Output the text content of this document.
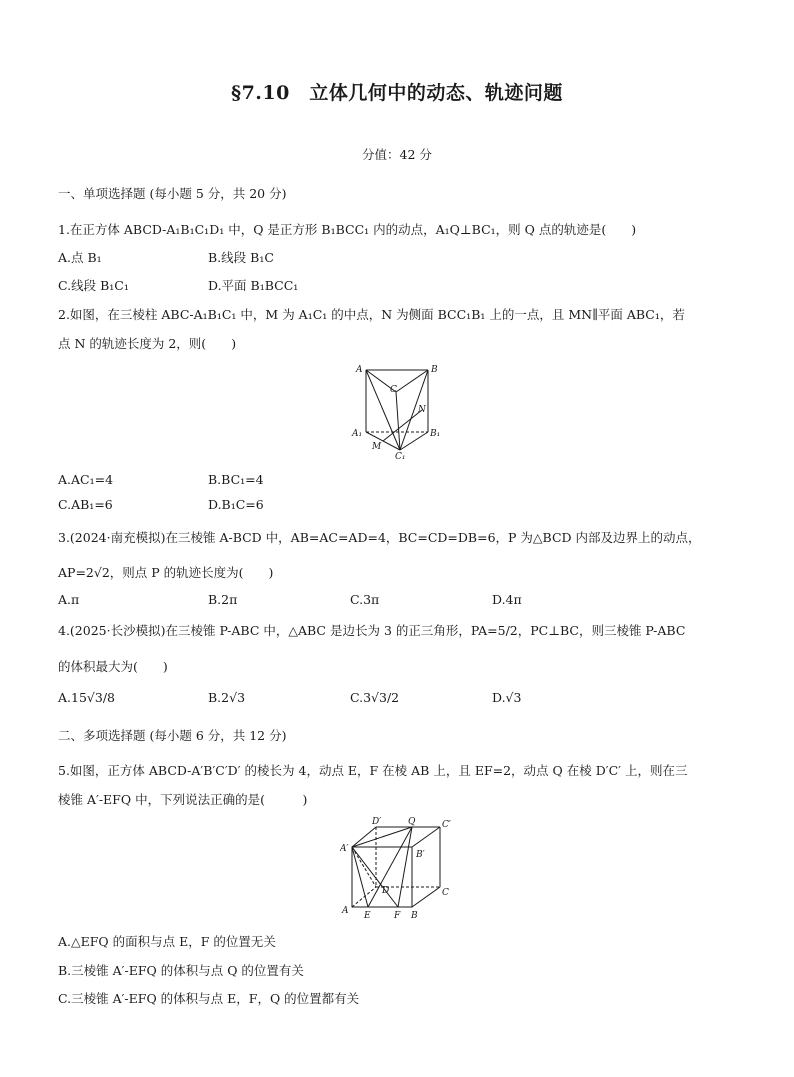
§7.10　立体几何中的动态、轨迹问题
分值：42 分
一、单项选择题 (每小题 5 分，共 20 分)
1.在正方体 ABCD-A₁B₁C₁D₁ 中，Q 是正方形 B₁BCC₁ 内的动点，A₁Q⊥BC₁，则 Q 点的轨迹是(　　)
A.点 B₁	B.线段 B₁C
C.线段 B₁C₁	D.平面 B₁BCC₁
2.如图，在三棱柱 ABC-A₁B₁C₁ 中，M 为 A₁C₁ 的中点，N 为侧面 BCC₁B₁ 上的一点，且 MN∥平面 ABC₁，若
点 N 的轨迹长度为 2，则(　　)
A	B
C
N
A₁	B₁
M
C₁
A.AC₁=4	B.BC₁=4
C.AB₁=6	D.B₁C=6
3.(2024·南充模拟)在三棱锥 A-BCD 中，AB=AC=AD=4，BC=CD=DB=6，P 为△BCD 内部及边界上的动点，
AP=2√2，则点 P 的轨迹长度为(　　)
A.π	B.2π	C.3π	D.4π
4.(2025·长沙模拟)在三棱锥 P-ABC 中，△ABC 是边长为 3 的正三角形，PA=5/2，PC⊥BC，则三棱锥 P-ABC
的体积最大为(　　)
A.15√3/8	B.2√3	C.3√3/2	D.√3
二、多项选择题 (每小题 6 分，共 12 分)
5.如图，正方体 ABCD-A′B′C′D′ 的棱长为 4，动点 E，F 在棱 AB 上，且 EF=2，动点 Q 在棱 D′C′ 上，则在三
棱锥 A′-EFQ 中，下列说法正确的是(　　　)
D′	Q	C′
A′
B′
D	C
A E	F B
A.△EFQ 的面积与点 E，F 的位置无关
B.三棱锥 A′-EFQ 的体积与点 Q 的位置有关
C.三棱锥 A′-EFQ 的体积与点 E，F，Q 的位置都有关
